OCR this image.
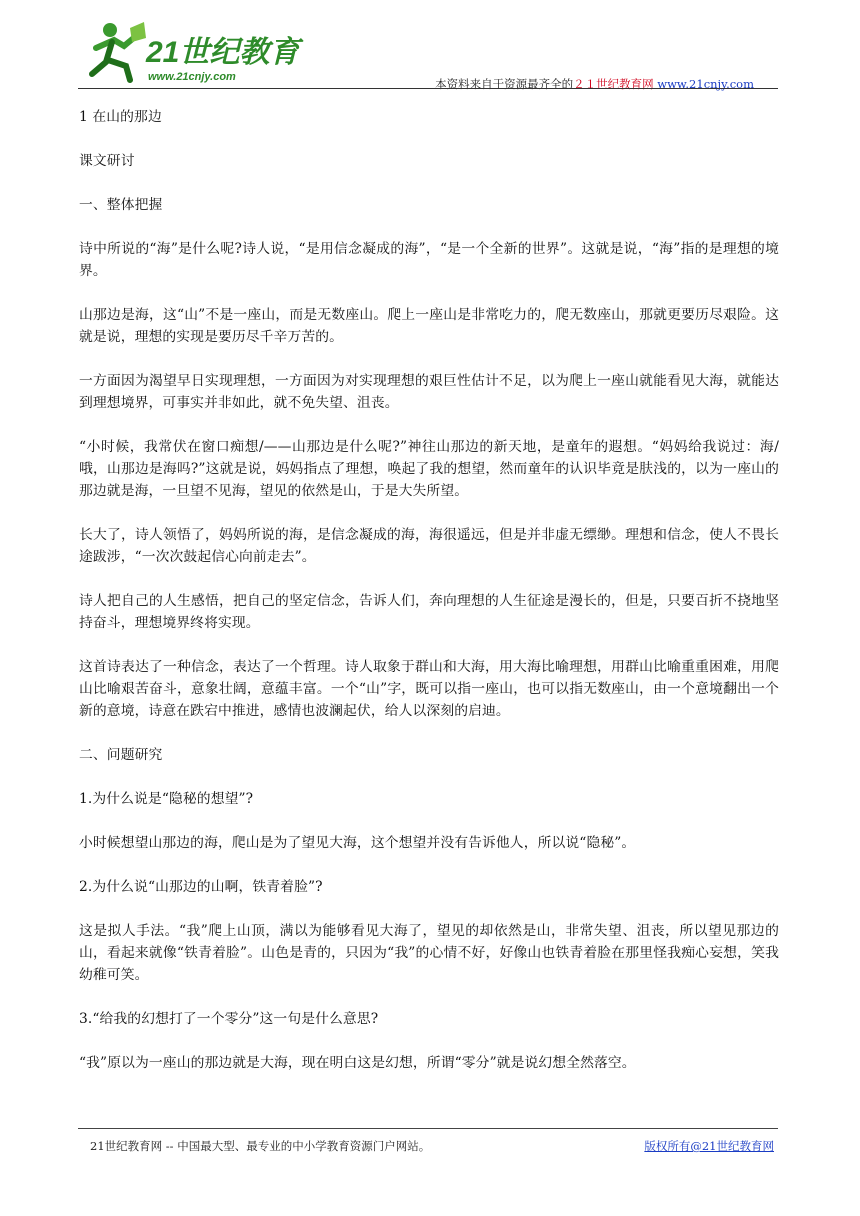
21世纪教育
www.21cnjy.com	本资料来自于资源最齐全的２１世纪教育网 www.21cnjy.com

1 在山的那边

课文研讨

一、整体把握

诗中所说的“海”是什么呢?诗人说，“是用信念凝成的海”，“是一个全新的世界”。这就是说，“海”指的是理想的境界。

山那边是海，这“山”不是一座山，而是无数座山。爬上一座山是非常吃力的，爬无数座山，那就更要历尽艰险。这就是说，理想的实现是要历尽千辛万苦的。

一方面因为渴望早日实现理想，一方面因为对实现理想的艰巨性估计不足，以为爬上一座山就能看见大海，就能达到理想境界，可事实并非如此，就不免失望、沮丧。

“小时候，我常伏在窗口痴想/——山那边是什么呢?”神往山那边的新天地，是童年的遐想。“妈妈给我说过：海/哦，山那边是海吗?”这就是说，妈妈指点了理想，唤起了我的想望，然而童年的认识毕竟是肤浅的，以为一座山的那边就是海，一旦望不见海，望见的依然是山，于是大失所望。

长大了，诗人领悟了，妈妈所说的海，是信念凝成的海，海很遥远，但是并非虚无缥缈。理想和信念，使人不畏长途跋涉，“一次次鼓起信心向前走去”。

诗人把自己的人生感悟，把自己的坚定信念，告诉人们，奔向理想的人生征途是漫长的，但是，只要百折不挠地坚持奋斗，理想境界终将实现。

这首诗表达了一种信念，表达了一个哲理。诗人取象于群山和大海，用大海比喻理想，用群山比喻重重困难，用爬山比喻艰苦奋斗，意象壮阔，意蕴丰富。一个“山”字，既可以指一座山，也可以指无数座山，由一个意境翻出一个新的意境，诗意在跌宕中推进，感情也波澜起伏，给人以深刻的启迪。

二、问题研究

1.为什么说是“隐秘的想望”?

小时候想望山那边的海，爬山是为了望见大海，这个想望并没有告诉他人，所以说“隐秘”。

2.为什么说“山那边的山啊，铁青着脸”?

这是拟人手法。“我”爬上山顶，满以为能够看见大海了，望见的却依然是山，非常失望、沮丧，所以望见那边的山，看起来就像“铁青着脸”。山色是青的，只因为“我”的心情不好，好像山也铁青着脸在那里怪我痴心妄想，笑我幼稚可笑。

3.“给我的幻想打了一个零分”这一句是什么意思?

“我”原以为一座山的那边就是大海，现在明白这是幻想，所谓“零分”就是说幻想全然落空。

21世纪教育网 -- 中国最大型、最专业的中小学教育资源门户网站。	版权所有@21世纪教育网
